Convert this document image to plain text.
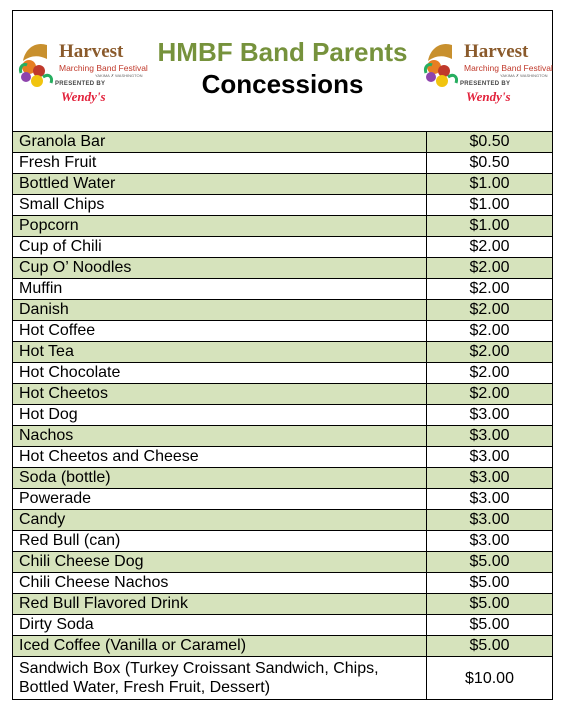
Harvest
Marching Band Festival
YAKIMA ✗ WASHINGTON
PRESENTED BY
Wendy's
HMBF Band Parents
Concessions
Harvest
Marching Band Festival
YAKIMA ✗ WASHINGTON
PRESENTED BY
Wendy's
Granola Bar	$0.50
Fresh Fruit	$0.50
Bottled Water	$1.00
Small Chips	$1.00
Popcorn	$1.00
Cup of Chili	$2.00
Cup O’ Noodles	$2.00
Muffin	$2.00
Danish	$2.00
Hot Coffee	$2.00
Hot Tea	$2.00
Hot Chocolate	$2.00
Hot Cheetos	$2.00
Hot Dog	$3.00
Nachos	$3.00
Hot Cheetos and Cheese	$3.00
Soda (bottle)	$3.00
Powerade	$3.00
Candy	$3.00
Red Bull (can)	$3.00
Chili Cheese Dog	$5.00
Chili Cheese Nachos	$5.00
Red Bull Flavored Drink	$5.00
Dirty Soda	$5.00
Iced Coffee (Vanilla or Caramel)	$5.00
Sandwich Box (Turkey Croissant Sandwich, Chips, Bottled Water, Fresh Fruit, Dessert)	$10.00
